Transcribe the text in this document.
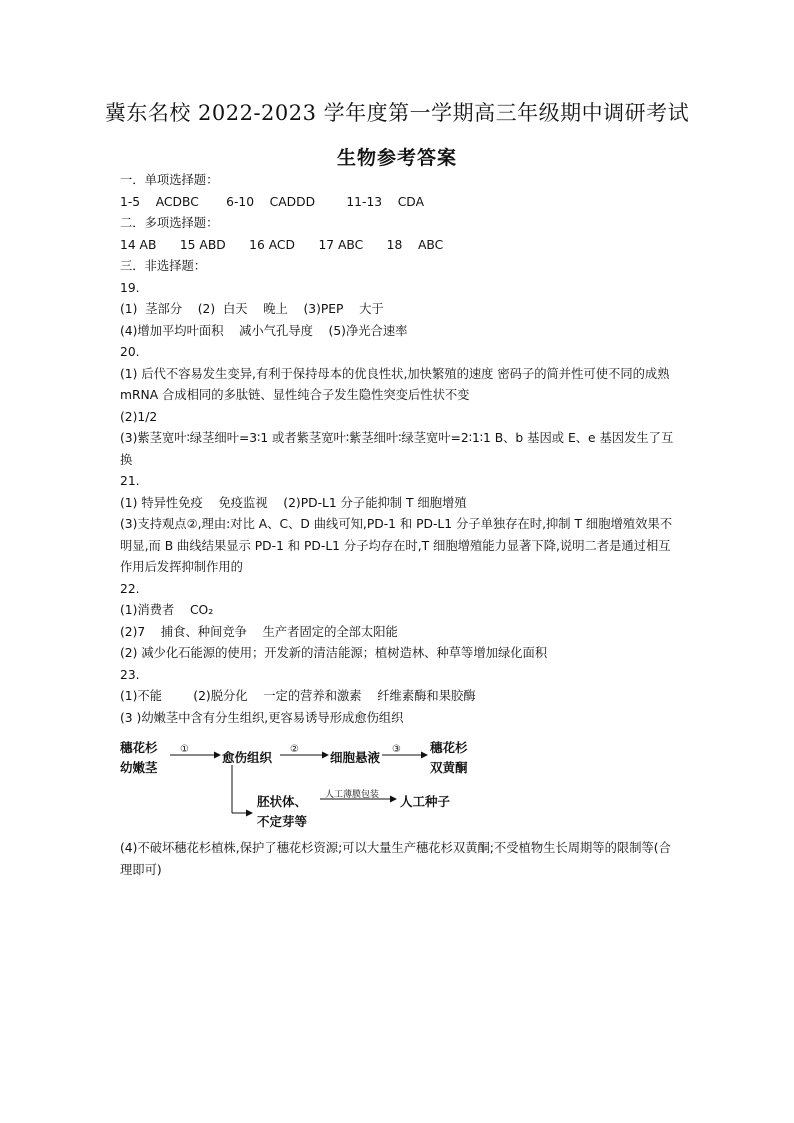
冀东名校 2022-2023 学年度第一学期高三年级期中调研考试
生物参考答案
一．单项选择题：
1-5    ACDBC       6-10    CADDD        11-13    CDA
二．多项选择题：
14 AB      15 ABD      16 ACD      17 ABC      18    ABC
三．非选择题：
19.
(1)  茎部分    (2)  白天    晚上    (3)PEP    大于
(4)增加平均叶面积    减小气孔导度    (5)净光合速率
20.
(1) 后代不容易发生变异,有利于保持母本的优良性状,加快繁殖的速度 密码子的简并性可使不同的成熟 mRNA 合成相同的多肽链、显性纯合子发生隐性突变后性状不变
(2)1/2
(3)紫茎宽叶∶绿茎细叶=3∶1 或者紫茎宽叶∶紫茎细叶∶绿茎宽叶=2∶1∶1 B、b 基因或 E、e 基因发生了互换
21.
(1) 特异性免疫    免疫监视    (2)PD-L1 分子能抑制 T 细胞增殖
(3)支持观点②,理由:对比 A、C、D 曲线可知,PD-1 和 PD-L1 分子单独存在时,抑制 T 细胞增殖效果不明显,而 B 曲线结果显示 PD-1 和 PD-L1 分子均存在时,T 细胞增殖能力显著下降,说明二者是通过相互作用后发挥抑制作用的
22.
(1)消费者    CO₂
(2)7    捕食、种间竞争    生产者固定的全部太阳能
(2) 减少化石能源的使用；开发新的清洁能源；植树造林、种草等增加绿化面积
23.
(1)不能        (2)脱分化    一定的营养和激素    纤维素酶和果胶酶
(3 )幼嫩茎中含有分生组织,更容易诱导形成愈伤组织
穗花杉
幼嫩茎
①
愈伤组织
②
细胞悬液
③ 穗花杉
双黄酮
胚状体、
不定芽等
人工薄膜包装 人工种子
(4)不破坏穗花杉植株,保护了穗花杉资源;可以大量生产穗花杉双黄酮;不受植物生长周期等的限制等(合理即可)
